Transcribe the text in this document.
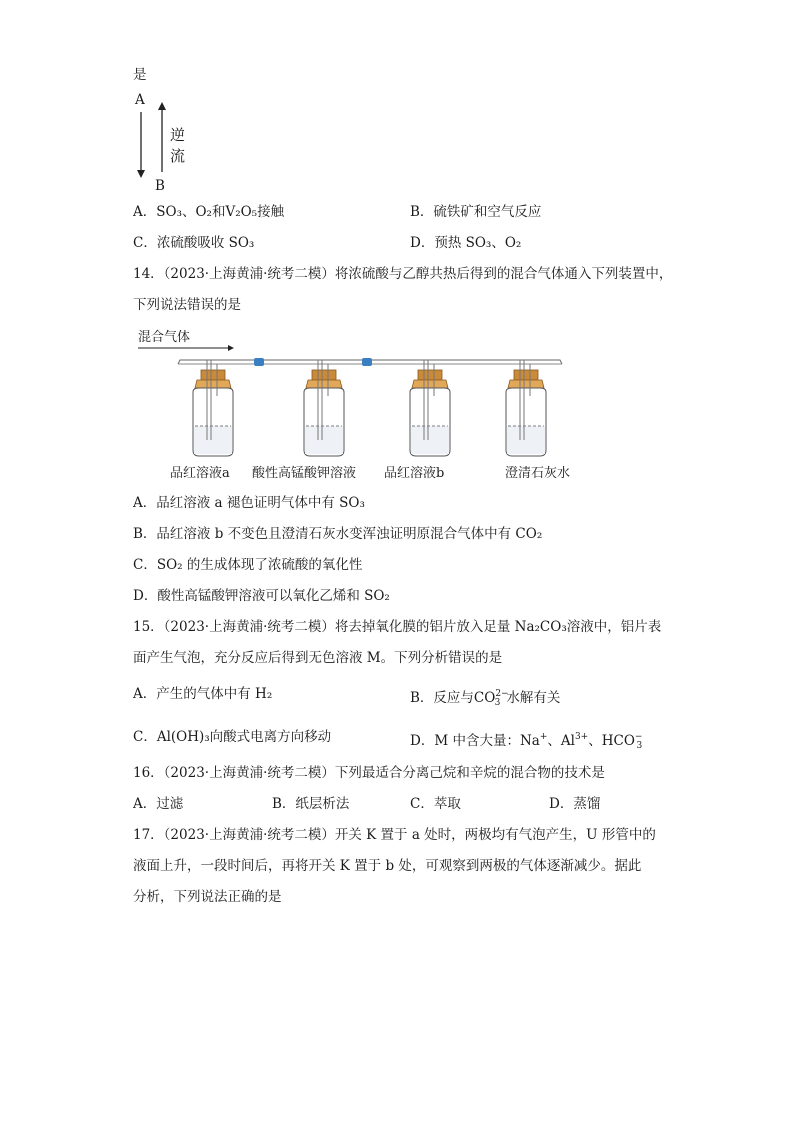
是
A
B
逆
流
A．SO₃、O₂和V₂O₅接触	B．硫铁矿和空气反应
C．浓硫酸吸收 SO₃	D．预热 SO₃、O₂
14．（2023·上海黄浦·统考二模）将浓硫酸与乙醇共热后得到的混合气体通入下列装置中，
下列说法错误的是
混合气体
品红溶液a 酸性高锰酸钾溶液 品红溶液b	澄清石灰水
A．品红溶液 a 褪色证明气体中有 SO₃
B．品红溶液 b 不变色且澄清石灰水变浑浊证明原混合气体中有 CO₂
C．SO₂ 的生成体现了浓硫酸的氧化性
D．酸性高锰酸钾溶液可以氧化乙烯和 SO₂
15．（2023·上海黄浦·统考二模）将去掉氧化膜的铝片放入足量 Na₂CO₃溶液中，铝片表
面产生气泡，充分反应后得到无色溶液 M。下列分析错误的是
A．产生的气体中有 H₂	B．反应与$CO^{2-}_3$ 水解有关
C．Al(OH)₃向酸式电离方向移动	D．M 中含大量：Na+、$Al^{3+}$、$HCO^-_3$
16．（2023·上海黄浦·统考二模）下列最适合分离己烷和辛烷的混合物的技术是
A．过滤	B．纸层析法	C．萃取	D．蒸馏
17．（2023·上海黄浦·统考二模）开关 K 置于 a 处时，两极均有气泡产生，U 形管中的
液面上升，一段时间后，再将开关 K 置于 b 处，可观察到两极的气体逐渐减少。据此
分析，下列说法正确的是
